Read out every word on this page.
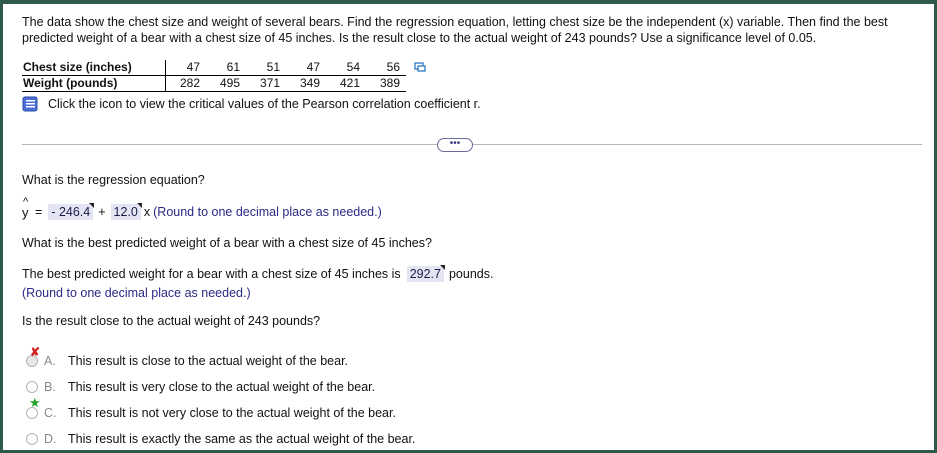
The data show the chest size and weight of several bears. Find the regression equation, letting chest size be the independent (x) variable. Then find the best predicted weight of a bear with a chest size of 45 inches. Is the result close to the actual weight of 243 pounds? Use a significance level of 0.05.
Chest size (inches)	47	61	51	47	54	56
Weight (pounds)	282	495	371	349	421	389
Click the icon to view the critical values of the Pearson correlation coefficient r.
•••
What is the regression equation?
^
y = - 246.4 + 12.0 x (Round to one decimal place as needed.)
What is the best predicted weight of a bear with a chest size of 45 inches?
The best predicted weight for a bear with a chest size of 45 inches is 292.7 pounds.
(Round to one decimal place as needed.)
Is the result close to the actual weight of 243 pounds?
✘
A. This result is close to the actual weight of the bear.
B. This result is very close to the actual weight of the bear.
★
C. This result is not very close to the actual weight of the bear.
D. This result is exactly the same as the actual weight of the bear.
